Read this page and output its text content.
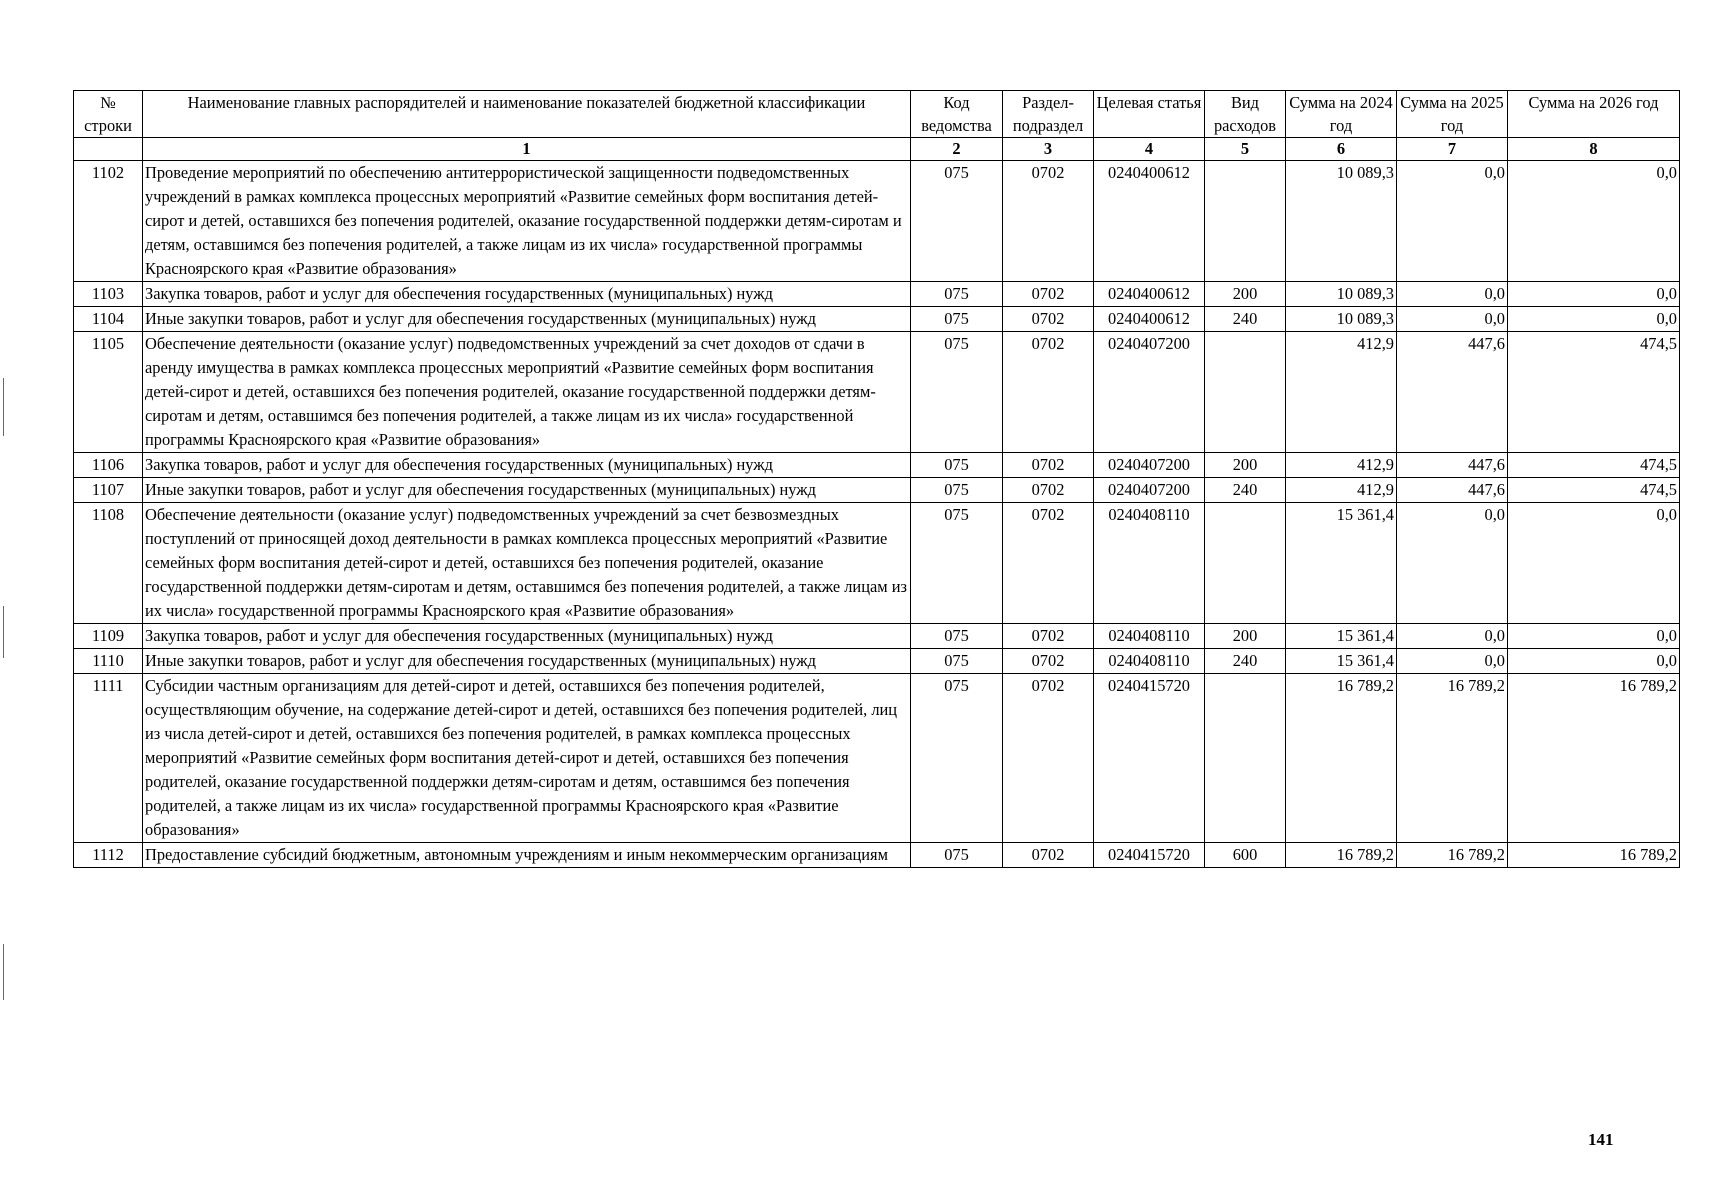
№ строки	Наименование главных распорядителей и наименование показателей бюджетной классификации	Код ведомства	Раздел-подраздел	Целевая статья	Вид расходов	Сумма на 2024 год	Сумма на 2025 год	Сумма на 2026 год
	1	2	3	4	5	6	7	8
1102	Проведение мероприятий по обеспечению антитеррористической защищенности подведомственных учреждений в рамках комплекса процессных мероприятий «Развитие семейных форм воспитания детей-сирот и детей, оставшихся без попечения родителей, оказание государственной поддержки детям-сиротам и детям, оставшимся без попечения родителей, а также лицам из их числа» государственной программы Красноярского края «Развитие образования»	075	0702	0240400612		10 089,3	0,0	0,0
1103	Закупка товаров, работ и услуг для обеспечения государственных (муниципальных) нужд	075	0702	0240400612	200	10 089,3	0,0	0,0
1104	Иные закупки товаров, работ и услуг для обеспечения государственных (муниципальных) нужд	075	0702	0240400612	240	10 089,3	0,0	0,0
1105	Обеспечение деятельности (оказание услуг) подведомственных учреждений за счет доходов от сдачи в аренду имущества в рамках комплекса процессных мероприятий «Развитие семейных форм воспитания детей-сирот и детей, оставшихся без попечения родителей, оказание государственной поддержки детям-сиротам и детям, оставшимся без попечения родителей, а также лицам из их числа» государственной программы Красноярского края «Развитие образования»	075	0702	0240407200		412,9	447,6	474,5
1106	Закупка товаров, работ и услуг для обеспечения государственных (муниципальных) нужд	075	0702	0240407200	200	412,9	447,6	474,5
1107	Иные закупки товаров, работ и услуг для обеспечения государственных (муниципальных) нужд	075	0702	0240407200	240	412,9	447,6	474,5
1108	Обеспечение деятельности (оказание услуг) подведомственных учреждений за счет безвозмездных поступлений от приносящей доход деятельности в рамках комплекса процессных мероприятий «Развитие семейных форм воспитания детей-сирот и детей, оставшихся без попечения родителей, оказание государственной поддержки детям-сиротам и детям, оставшимся без попечения родителей, а также лицам из их числа» государственной программы Красноярского края «Развитие образования»	075	0702	0240408110		15 361,4	0,0	0,0
1109	Закупка товаров, работ и услуг для обеспечения государственных (муниципальных) нужд	075	0702	0240408110	200	15 361,4	0,0	0,0
1110	Иные закупки товаров, работ и услуг для обеспечения государственных (муниципальных) нужд	075	0702	0240408110	240	15 361,4	0,0	0,0
1111	Субсидии частным организациям для детей-сирот и детей, оставшихся без попечения родителей, осуществляющим обучение, на содержание детей-сирот и детей, оставшихся без попечения родителей, лиц из числа детей-сирот и детей, оставшихся без попечения родителей, в рамках комплекса процессных мероприятий «Развитие семейных форм воспитания детей-сирот и детей, оставшихся без попечения родителей, оказание государственной поддержки детям-сиротам и детям, оставшимся без попечения родителей, а также лицам из их числа» государственной программы Красноярского края «Развитие образования»	075	0702	0240415720		16 789,2	16 789,2	16 789,2
1112	Предоставление субсидий бюджетным, автономным учреждениям и иным некоммерческим организациям	075	0702	0240415720	600	16 789,2	16 789,2	16 789,2
141
